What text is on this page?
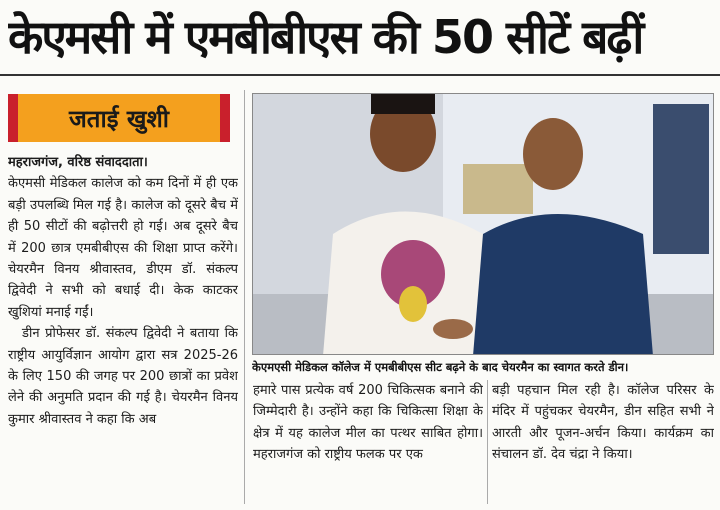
केएमसी में एमबीबीएस की 50 सीटें बढ़ीं
जताई खुशी

महराजगंज, वरिष्ठ संवाददाता।

केएमसी मेडिकल कालेज को कम दिनों में ही एक बड़ी उपलब्धि मिल गई है। कालेज को दूसरे बैच में ही 50 सीटों की बढ़ोत्तरी हो गई। अब दूसरे बैच में 200 छात्र एमबीबीएस की शिक्षा प्राप्त करेंगे। चेयरमैन विनय श्रीवास्तव, डीएम डॉ. संकल्प द्विवेदी ने सभी को बधाई दी। केक काटकर खुशियां मनाई गईं।

डीन प्रोफेसर डॉ. संकल्प द्विवेदी ने बताया कि राष्ट्रीय आयुर्विज्ञान आयोग द्वारा सत्र 2025-26 के लिए 150 की जगह पर 200 छात्रों का प्रवेश लेने की अनुमति प्रदान की गई है। चेयरमैन विनय कुमार श्रीवास्तव ने कहा कि अब

केएमएसी मेडिकल कॉलेज में एमबीबीएस सीट बढ़ने के बाद चेयरमैन का स्वागत करते डीन।

हमारे पास प्रत्येक वर्ष 200 चिकित्सक बनाने की जिम्मेदारी है। उन्होंने कहा कि चिकित्सा शिक्षा के क्षेत्र में यह कालेज मील का पत्थर साबित होगा। महराजगंज को राष्ट्रीय फलक पर एक

बड़ी पहचान मिल रही है। कॉलेज परिसर के मंदिर में पहुंचकर चेयरमैन, डीन सहित सभी ने आरती और पूजन-अर्चन किया। कार्यक्रम का संचालन डॉ. देव चंद्रा ने किया।
